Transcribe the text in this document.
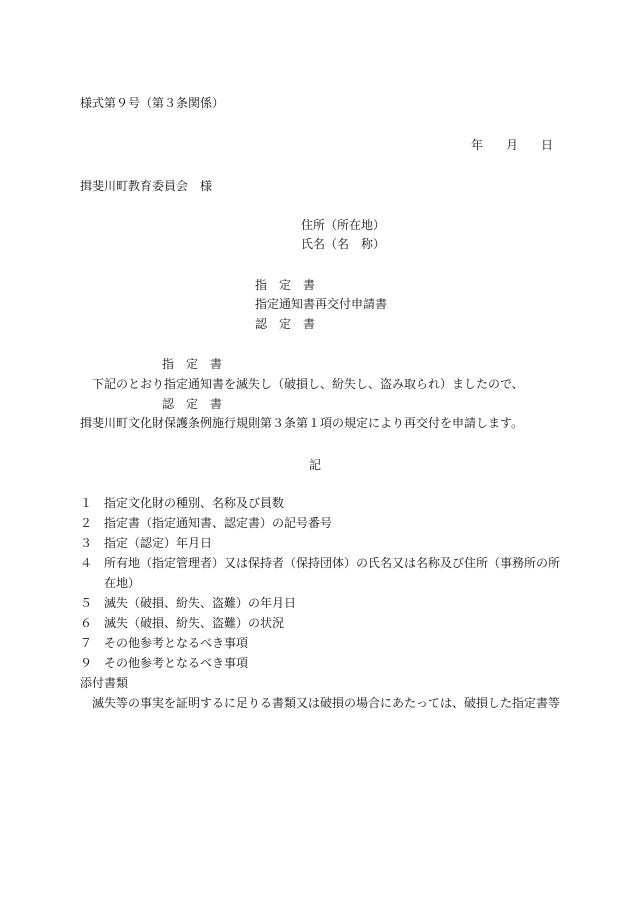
様式第９号（第３条関係）
年 月 日
揖斐川町教育委員会　様
住所（所在地）
氏名（名　称）
指　定　書
指定通知書再交付申請書
認　定　書
指　定　書
下記のとおり指定通知書を滅失し（破損し、紛失し、盗み取られ）ましたので、
認　定　書
揖斐川町文化財保護条例施行規則第３条第１項の規定により再交付を申請します。
記
１ 指定文化財の種別、名称及び員数
２ 指定書（指定通知書、認定書）の記号番号
３ 指定（認定）年月日
４ 所有地（指定管理者）又は保持者（保持団体）の氏名又は名称及び住所（事務所の所
在地）
５ 滅失（破損、紛失、盗難）の年月日
６ 滅失（破損、紛失、盗難）の状況
７ その他参考となるべき事項
９ その他参考となるべき事項
添付書類
滅失等の事実を証明するに足りる書類又は破損の場合にあたっては、破損した指定書等
